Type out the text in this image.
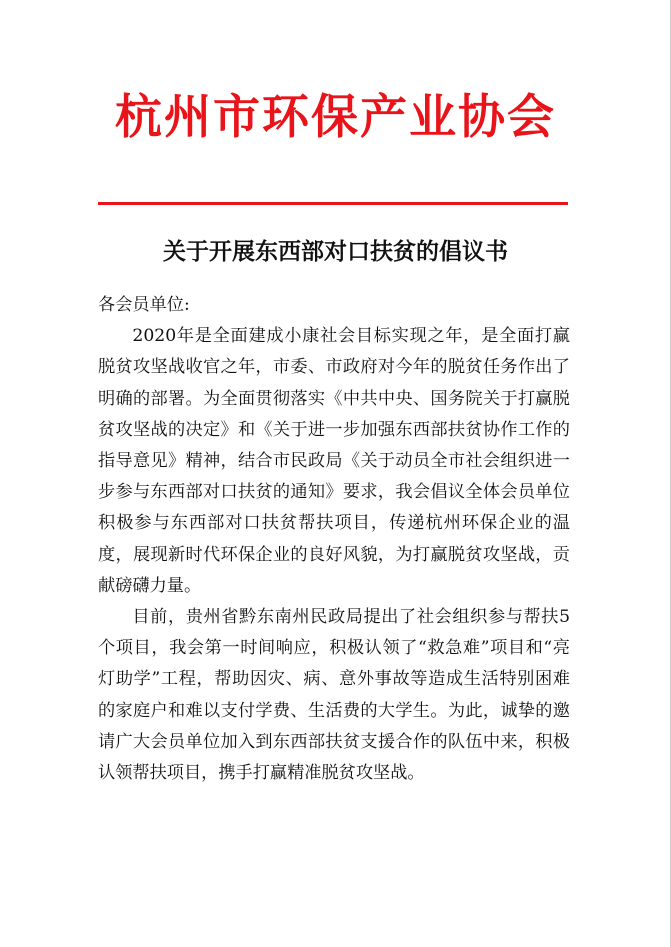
杭州市环保产业协会
关于开展东西部对口扶贫的倡议书

各会员单位:

2020年是全面建成小康社会目标实现之年，是全面打赢脱贫攻坚战收官之年，市委、市政府对今年的脱贫任务作出了明确的部署。为全面贯彻落实《中共中央、国务院关于打赢脱贫攻坚战的决定》和《关于进一步加强东西部扶贫协作工作的指导意见》精神，结合市民政局《关于动员全市社会组织进一步参与东西部对口扶贫的通知》要求，我会倡议全体会员单位积极参与东西部对口扶贫帮扶项目，传递杭州环保企业的温度，展现新时代环保企业的良好风貌，为打赢脱贫攻坚战，贡献磅礴力量。

目前，贵州省黔东南州民政局提出了社会组织参与帮扶5个项目，我会第一时间响应，积极认领了“救急难”项目和“亮灯助学”工程，帮助因灾、病、意外事故等造成生活特别困难的家庭户和难以支付学费、生活费的大学生。为此，诚挚的邀请广大会员单位加入到东西部扶贫支援合作的队伍中来，积极认领帮扶项目，携手打赢精准脱贫攻坚战。
